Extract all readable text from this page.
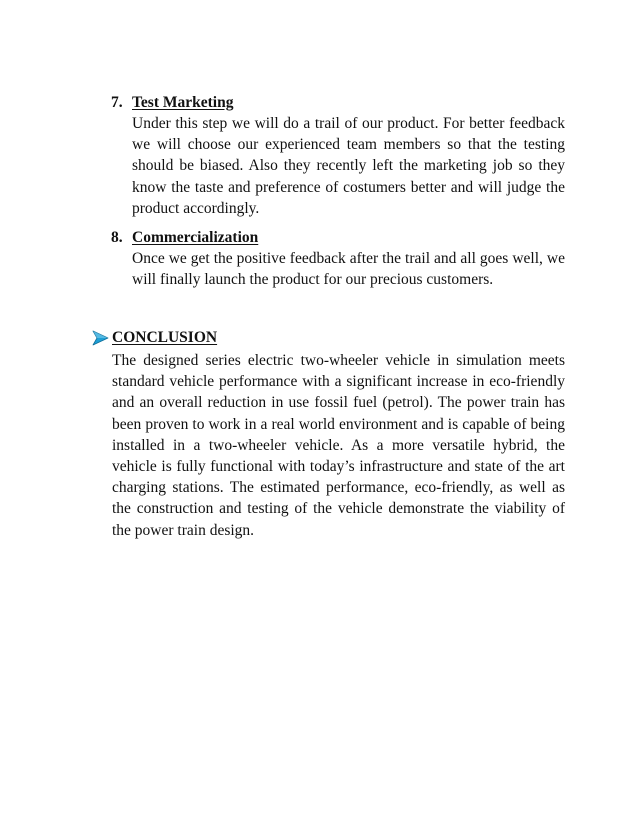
7. Test Marketing
Under this step we will do a trail of our product. For better feedback we will choose our experienced team members so that the testing should be biased. Also they recently left the marketing job so they know the taste and preference of costumers better and will judge the product accordingly.
8. Commercialization
Once we get the positive feedback after the trail and all goes well, we will finally launch the product for our precious customers.
CONCLUSION
The designed series electric two-wheeler vehicle in simulation meets standard vehicle performance with a significant increase in eco-friendly and an overall reduction in use fossil fuel (petrol). The power train has been proven to work in a real world environment and is capable of being installed in a two-wheeler vehicle. As a more versatile hybrid, the vehicle is fully functional with today’s infrastructure and state of the art charging stations. The estimated performance, eco-friendly, as well as the construction and testing of the vehicle demonstrate the viability of the power train design.
